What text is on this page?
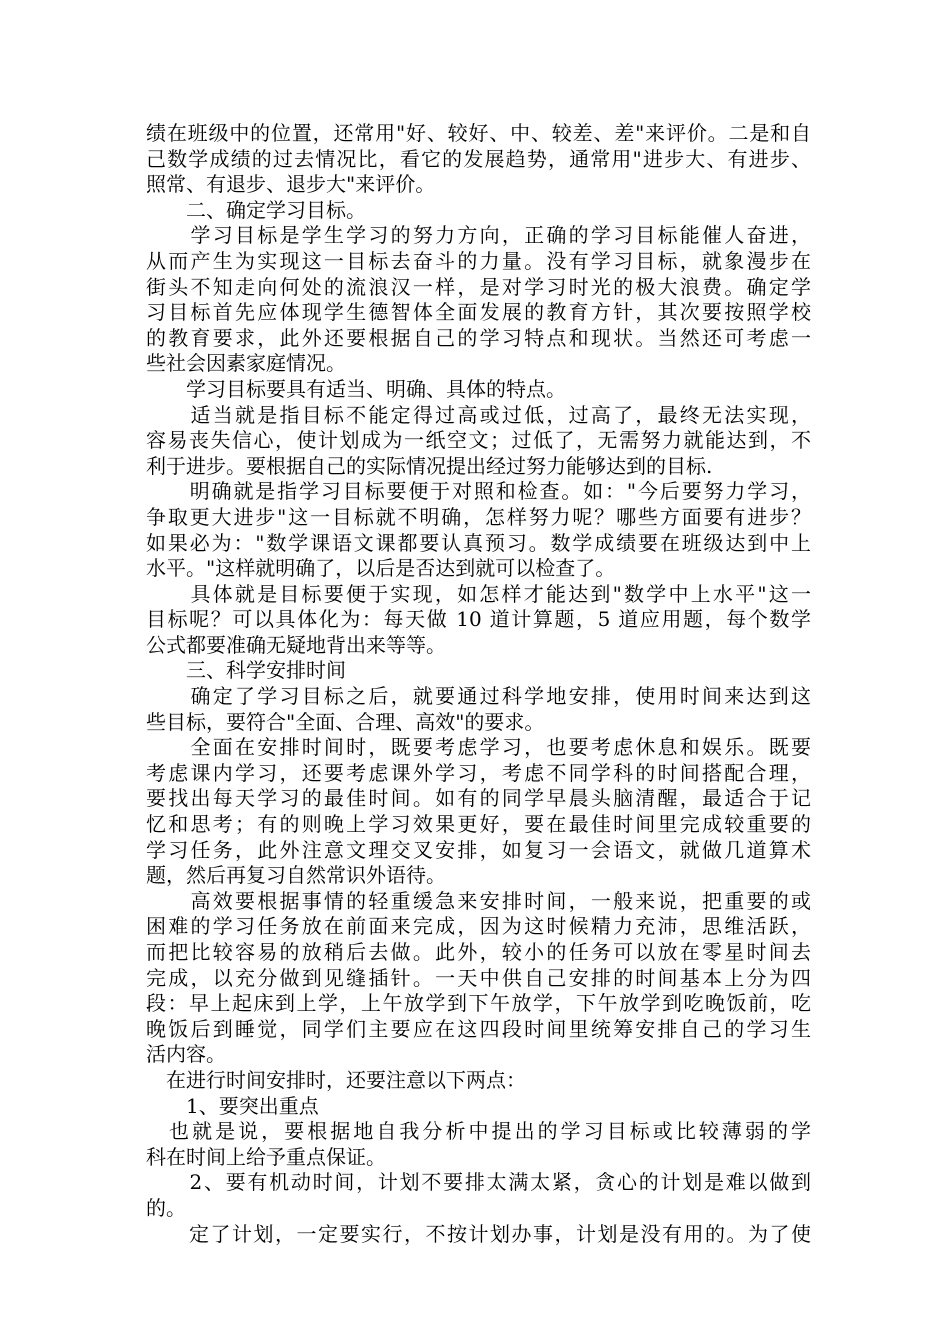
绩在班级中的位置，还常用"好、较好、中、较差、差"来评价。二是和自
己数学成绩的过去情况比，看它的发展趋势，通常用"进步大、有进步、
照常、有退步、退步大"来评价。
　　二、确定学习目标。
　　学习目标是学生学习的努力方向，正确的学习目标能催人奋进，
从而产生为实现这一目标去奋斗的力量。没有学习目标，就象漫步在
街头不知走向何处的流浪汉一样，是对学习时光的极大浪费。确定学
习目标首先应体现学生德智体全面发展的教育方针，其次要按照学校
的教育要求，此外还要根据自己的学习特点和现状。当然还可考虑一
些社会因素家庭情况。
　　学习目标要具有适当、明确、具体的特点。
　　适当就是指目标不能定得过高或过低，过高了，最终无法实现，
容易丧失信心，使计划成为一纸空文；过低了，无需努力就能达到，不
利于进步。要根据自己的实际情况提出经过努力能够达到的目标.
　　明确就是指学习目标要便于对照和检查。如："今后要努力学习，
争取更大进步"这一目标就不明确，怎样努力呢？哪些方面要有进步？
如果必为："数学课语文课都要认真预习。数学成绩要在班级达到中上
水平。"这样就明确了，以后是否达到就可以检查了。
　　具体就是目标要便于实现，如怎样才能达到"数学中上水平"这一
目标呢？可以具体化为：每天做 10 道计算题，5 道应用题，每个数学
公式都要准确无疑地背出来等等。
　　三、科学安排时间
　　确定了学习目标之后，就要通过科学地安排，使用时间来达到这
些目标，要符合"全面、合理、高效"的要求。
　　全面在安排时间时，既要考虑学习，也要考虑休息和娱乐。既要
考虑课内学习，还要考虑课外学习，考虑不同学科的时间搭配合理，
要找出每天学习的最佳时间。如有的同学早晨头脑清醒，最适合于记
忆和思考；有的则晚上学习效果更好，要在最佳时间里完成较重要的
学习任务，此外注意文理交叉安排，如复习一会语文，就做几道算术
题，然后再复习自然常识外语待。
　　高效要根据事情的轻重缓急来安排时间，一般来说，把重要的或
困难的学习任务放在前面来完成，因为这时候精力充沛，思维活跃，
而把比较容易的放稍后去做。此外，较小的任务可以放在零星时间去
完成，以充分做到见缝插针。一天中供自己安排的时间基本上分为四
段：早上起床到上学，上午放学到下午放学，下午放学到吃晚饭前，吃
晚饭后到睡觉，同学们主要应在这四段时间里统筹安排自己的学习生
活内容。
　在进行时间安排时，还要注意以下两点：
　　1、要突出重点
　也就是说，要根据地自我分析中提出的学习目标或比较薄弱的学
科在时间上给予重点保证。
　　2、要有机动时间，计划不要排太满太紧，贪心的计划是难以做到
的。
　　定了计划，一定要实行，不按计划办事，计划是没有用的。为了使
